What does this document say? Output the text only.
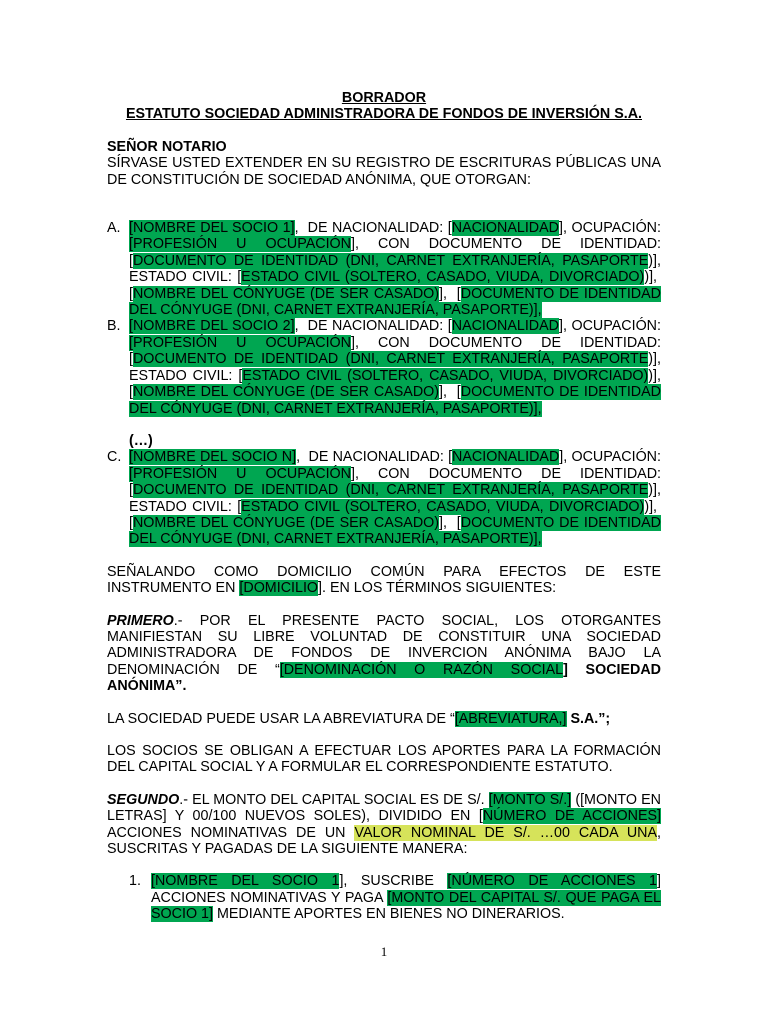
BORRADOR
ESTATUTO SOCIEDAD ADMINISTRADORA DE FONDOS DE INVERSIÓN S.A.
SEÑOR NOTARIO

SÍRVASE USTED EXTENDER EN SU REGISTRO DE ESCRITURAS PÚBLICAS UNA DE CONSTITUCIÓN DE SOCIEDAD ANÓNIMA, QUE OTORGAN:

A. [NOMBRE DEL SOCIO 1],  DE NACIONALIDAD: [NACIONALIDAD], OCUPACIÓN: [PROFESIÓN U OCUPACIÓN], CON DOCUMENTO DE IDENTIDAD: [DOCUMENTO DE IDENTIDAD (DNI, CARNET EXTRANJERÍA, PASAPORTE)], ESTADO CIVIL: [ESTADO CIVIL (SOLTERO, CASADO, VIUDA, DIVORCIADO))],  [NOMBRE DEL CÓNYUGE (DE SER CASADO)],  [DOCUMENTO DE IDENTIDAD DEL CÓNYUGE (DNI, CARNET EXTRANJERÍA, PASAPORTE)],
B. [NOMBRE DEL SOCIO 2],  DE NACIONALIDAD: [NACIONALIDAD], OCUPACIÓN: [PROFESIÓN U OCUPACIÓN], CON DOCUMENTO DE IDENTIDAD: [DOCUMENTO DE IDENTIDAD (DNI, CARNET EXTRANJERÍA, PASAPORTE)], ESTADO CIVIL: [ESTADO CIVIL (SOLTERO, CASADO, VIUDA, DIVORCIADO))],[NOMBRE DEL CÓNYUGE (DE SER CASADO)],  [DOCUMENTO DE IDENTIDAD DEL CÓNYUGE (DNI, CARNET EXTRANJERÍA, PASAPORTE)],
(…)
C. [NOMBRE DEL SOCIO N],  DE NACIONALIDAD: [NACIONALIDAD], OCUPACIÓN: [PROFESIÓN U OCUPACIÓN], CON DOCUMENTO DE IDENTIDAD: [DOCUMENTO DE IDENTIDAD (DNI, CARNET EXTRANJERÍA, PASAPORTE)], ESTADO CIVIL: [ESTADO CIVIL (SOLTERO, CASADO, VIUDA, DIVORCIADO))],  [NOMBRE DEL CÓNYUGE (DE SER CASADO)],  [DOCUMENTO DE IDENTIDAD DEL CÓNYUGE (DNI, CARNET EXTRANJERÍA, PASAPORTE)],

SEÑALANDO COMO DOMICILIO COMÚN PARA EFECTOS DE ESTE INSTRUMENTO EN [DOMICILIO]. EN LOS TÉRMINOS SIGUIENTES:

PRIMERO.- POR EL PRESENTE PACTO SOCIAL, LOS OTORGANTES MANIFIESTAN SU LIBRE VOLUNTAD DE CONSTITUIR UNA SOCIEDAD ADMINISTRADORA DE FONDOS DE INVERCION ANÓNIMA BAJO LA DENOMINACIÓN DE “[DENOMINACIÓN O RAZÓN SOCIAL] SOCIEDAD ANÓNIMA”.

LA SOCIEDAD PUEDE USAR LA ABREVIATURA DE “[ABREVIATURA,] S.A.”;

LOS SOCIOS SE OBLIGAN A EFECTUAR LOS APORTES PARA LA FORMACIÓN DEL CAPITAL SOCIAL Y A FORMULAR EL CORRESPONDIENTE ESTATUTO.

SEGUNDO.- EL MONTO DEL CAPITAL SOCIAL ES DE S/. [MONTO S/.] ([MONTO EN LETRAS] Y 00/100 NUEVOS SOLES), DIVIDIDO EN [NÚMERO DE ACCIONES] ACCIONES NOMINATIVAS DE UN VALOR NOMINAL DE S/. …00 CADA UNA, SUSCRITAS Y PAGADAS DE LA SIGUIENTE MANERA:

1. [NOMBRE DEL SOCIO 1], SUSCRIBE [NÚMERO DE ACCIONES 1] ACCIONES NOMINATIVAS Y PAGA [MONTO DEL CAPITAL S/. QUE PAGA EL SOCIO 1] MEDIANTE APORTES EN BIENES NO DINERARIOS.
1
